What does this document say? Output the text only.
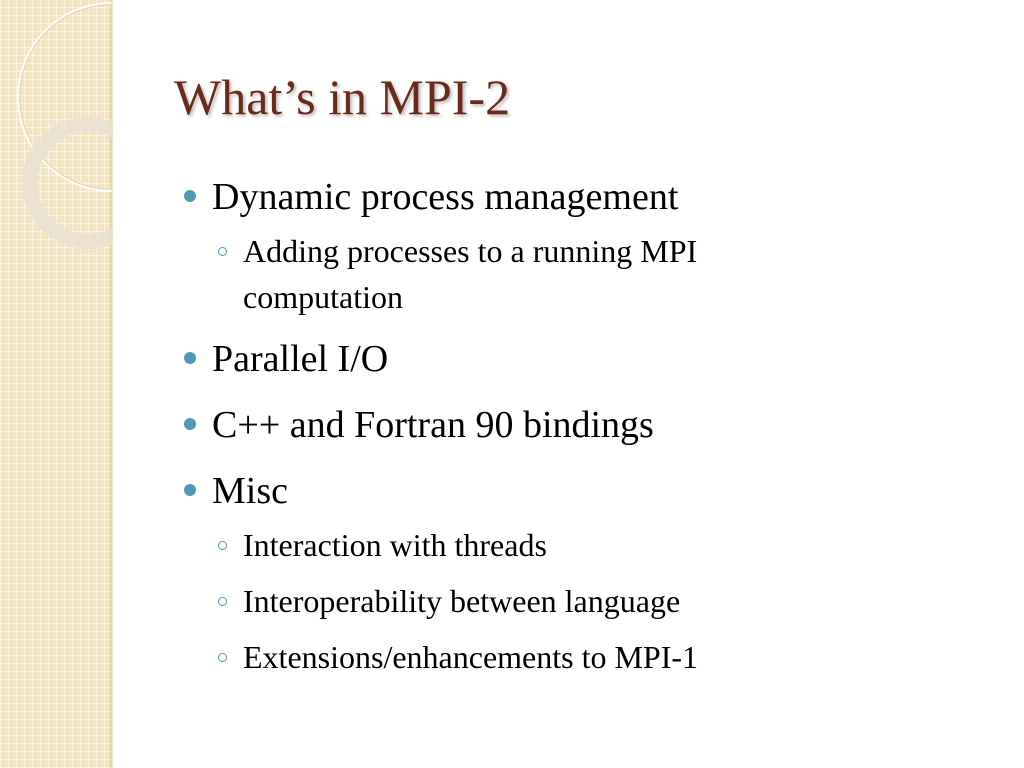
What’s in MPI-2
Dynamic process management
Adding processes to a running MPI computation
Parallel I/O
C++ and Fortran 90 bindings
Misc
Interaction with threads
Interoperability between language
Extensions/enhancements to MPI-1
